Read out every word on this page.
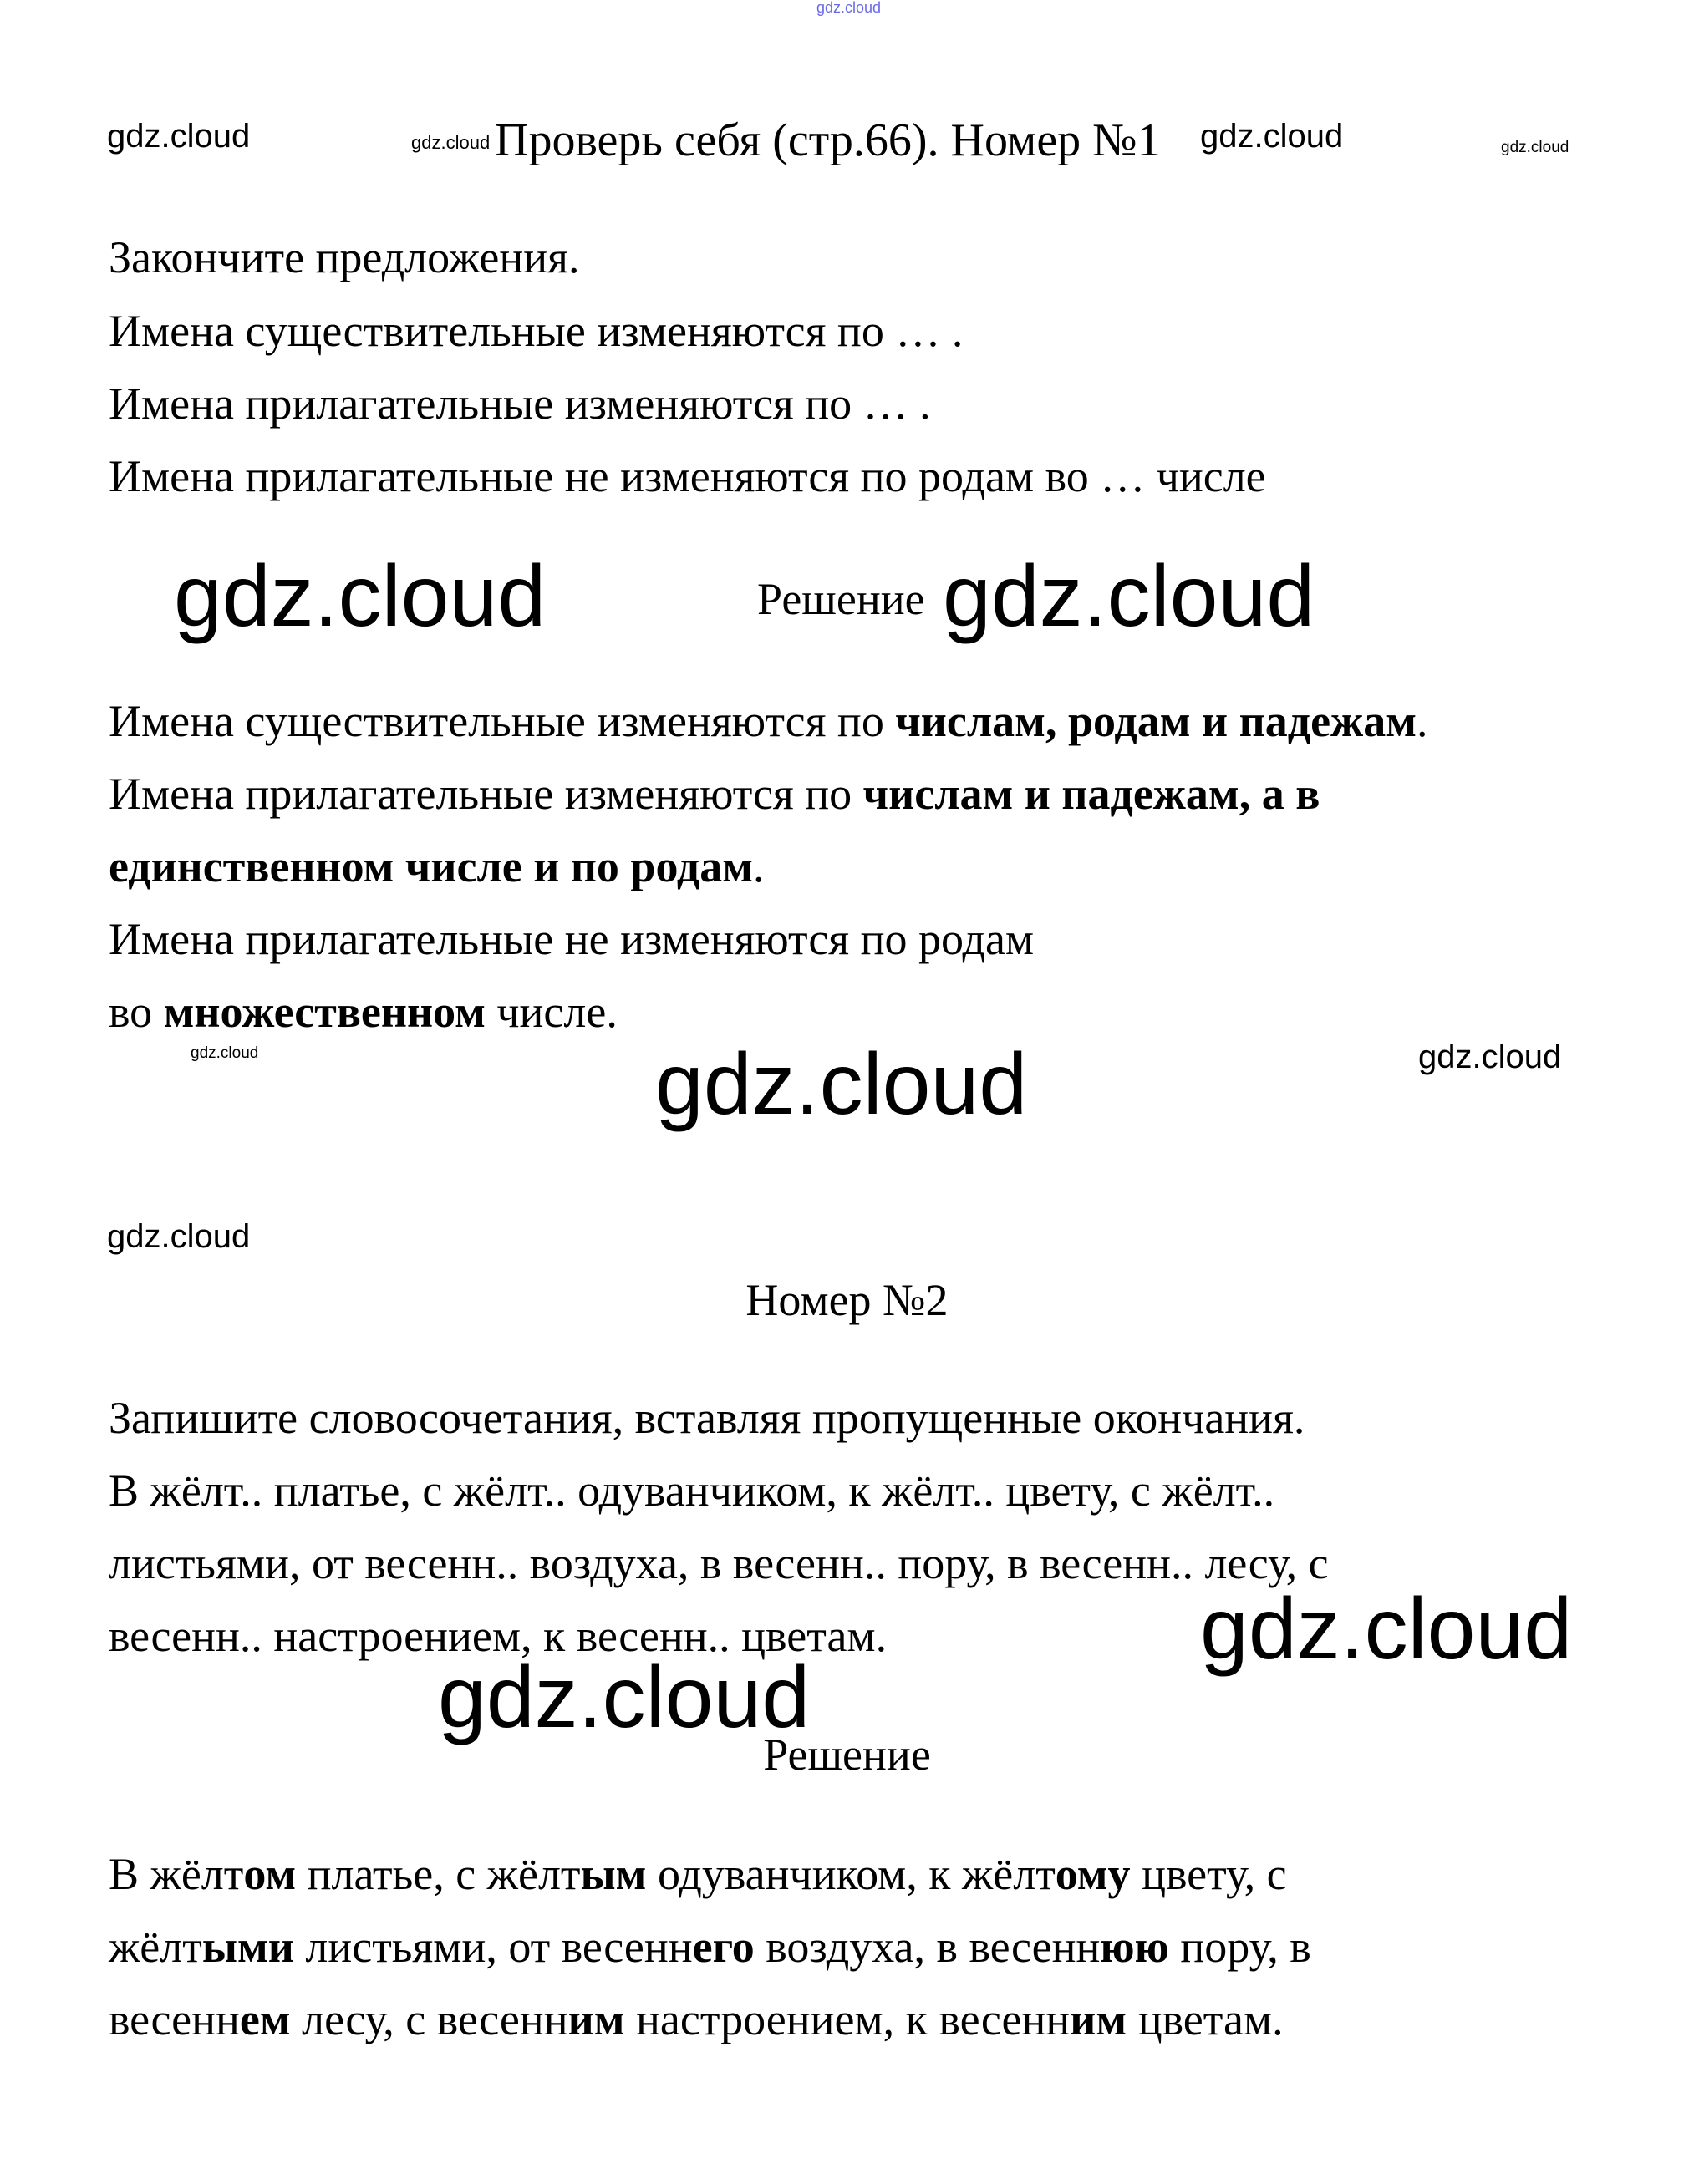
gdz.cloud
gdz.cloud	gdz.cloud	gdz.cloud	gdz.cloud
gdz.cloud	gdz.cloud
gdz.cloud	gdz.cloud
gdz.cloud
gdz.cloud
gdz.cloud
gdz.cloud
Проверь себя (стр.66). Номер №1
Закончите предложения.
Имена существительные изменяются по … .
Имена прилагательные изменяются по … .
Имена прилагательные не изменяются по родам во … числе
Решение
Имена существительные изменяются по числам, родам и падежам.
Имена прилагательные изменяются по числам и падежам, а в
единственном числе и по родам.
Имена прилагательные не изменяются по родам
во множественном числе.
Номер №2
Запишите словосочетания, вставляя пропущенные окончания.
В жёлт.. платье, с жёлт.. одуванчиком, к жёлт.. цвету, с жёлт..
листьями, от весенн.. воздуха, в весенн.. пору, в весенн.. лесу, с
весенн.. настроением, к весенн.. цветам.
Решение
В жёлтом платье, с жёлтым одуванчиком, к жёлтому цвету, с
жёлтыми листьями, от весеннего воздуха, в весеннюю пору, в
весеннем лесу, с весенним настроением, к весенним цветам.
